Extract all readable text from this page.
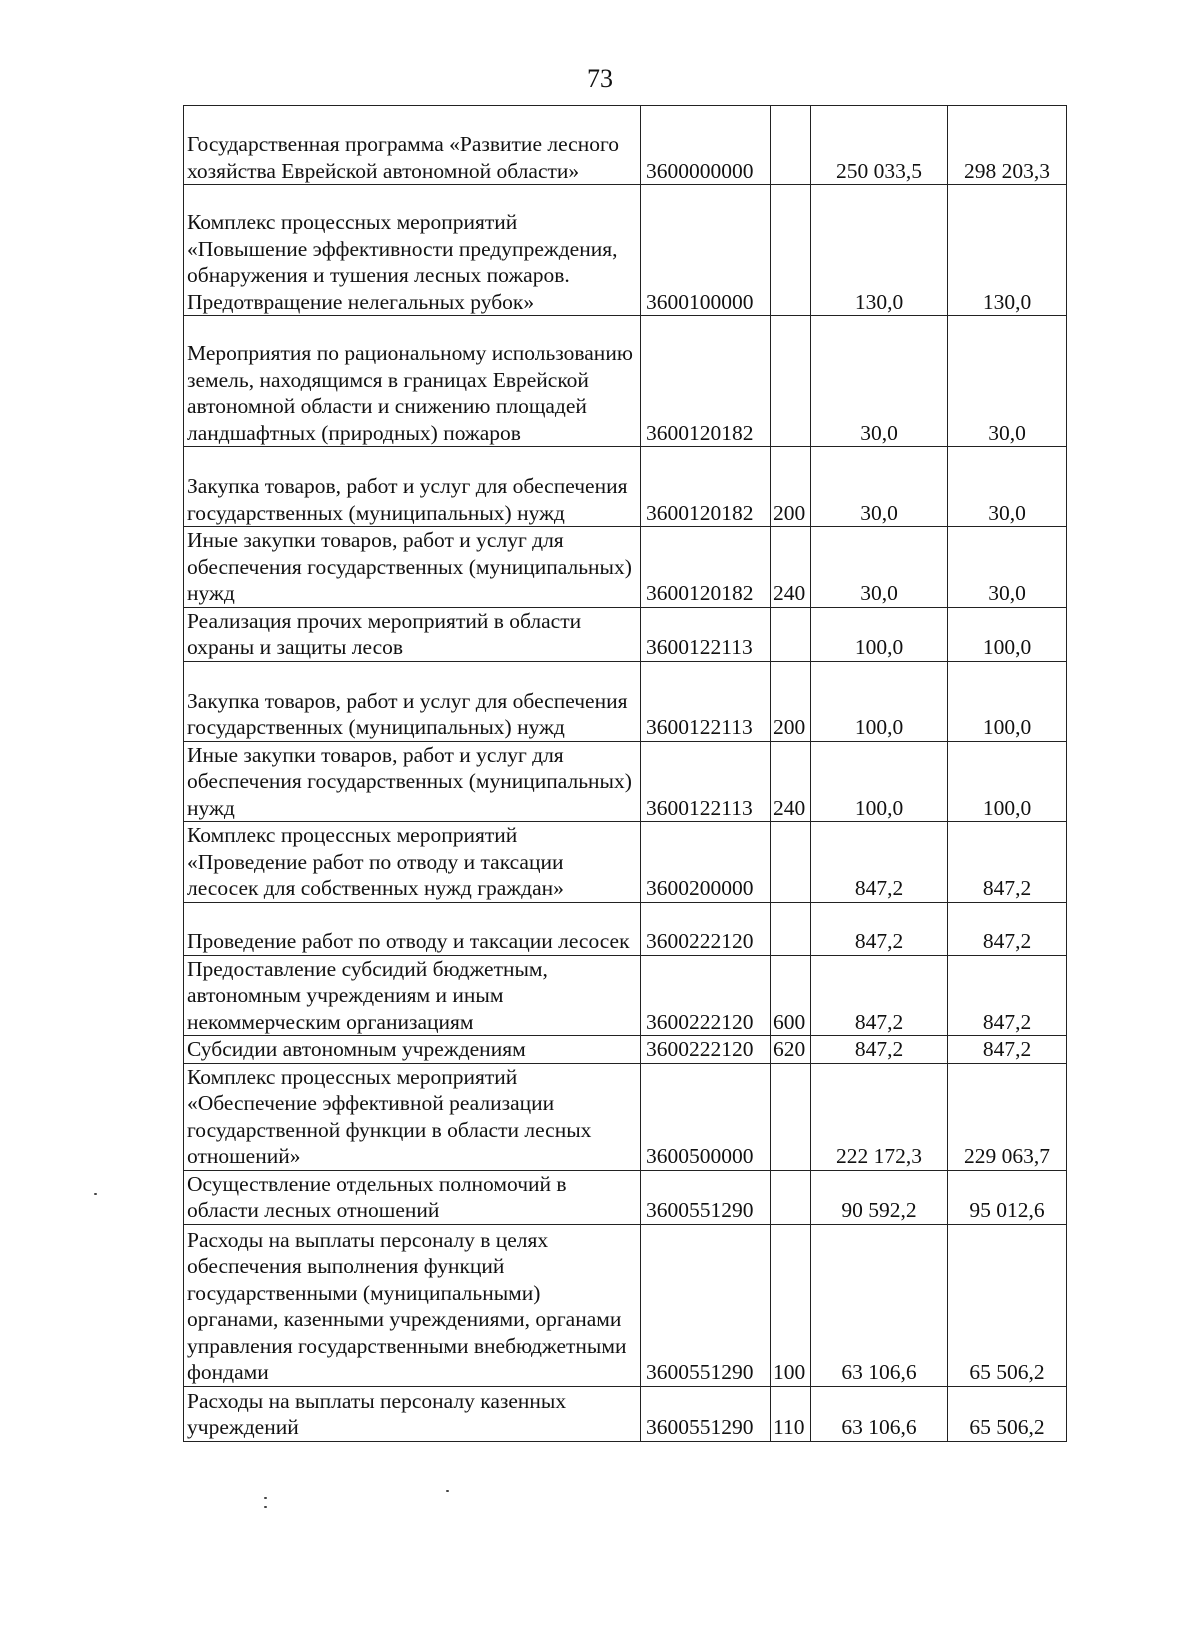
73
Государственная программа «Развитие лесного хозяйства Еврейской автономной области»	3600000000		250 033,5	298 203,3
Комплекс процессных мероприятий «Повышение эффективности предупреждения, обнаружения и тушения лесных пожаров. Предотвращение нелегальных рубок»	3600100000		130,0	130,0
Мероприятия по рациональному использованию земель, находящимся в границах Еврейской автономной области и снижению площадей ландшафтных (природных) пожаров	3600120182		30,0	30,0
Закупка товаров, работ и услуг для обеспечения государственных (муниципальных) нужд	3600120182	200	30,0	30,0
Иные закупки товаров, работ и услуг для обеспечения государственных (муниципальных) нужд	3600120182	240	30,0	30,0
Реализация прочих мероприятий в области охраны и защиты лесов	3600122113		100,0	100,0
Закупка товаров, работ и услуг для обеспечения государственных (муниципальных) нужд	3600122113	200	100,0	100,0
Иные закупки товаров, работ и услуг для обеспечения государственных (муниципальных) нужд	3600122113	240	100,0	100,0
Комплекс процессных мероприятий «Проведение работ по отводу и таксации лесосек для собственных нужд граждан»	3600200000		847,2	847,2
Проведение работ по отводу и таксации лесосек	3600222120		847,2	847,2
Предоставление субсидий бюджетным, автономным учреждениям и иным некоммерческим организациям	3600222120	600	847,2	847,2
Субсидии автономным учреждениям	3600222120	620	847,2	847,2
Комплекс процессных мероприятий «Обеспечение эффективной реализации государственной функции в области лесных отношений»	3600500000		222 172,3	229 063,7
Осуществление отдельных полномочий в области лесных отношений	3600551290		90 592,2	95 012,6
Расходы на выплаты персоналу в целях обеспечения выполнения функций государственными (муниципальными) органами, казенными учреждениями, органами управления государственными внебюджетными фондами	3600551290	100	63 106,6	65 506,2
Расходы на выплаты персоналу казенных учреждений	3600551290	110	63 106,6	65 506,2
